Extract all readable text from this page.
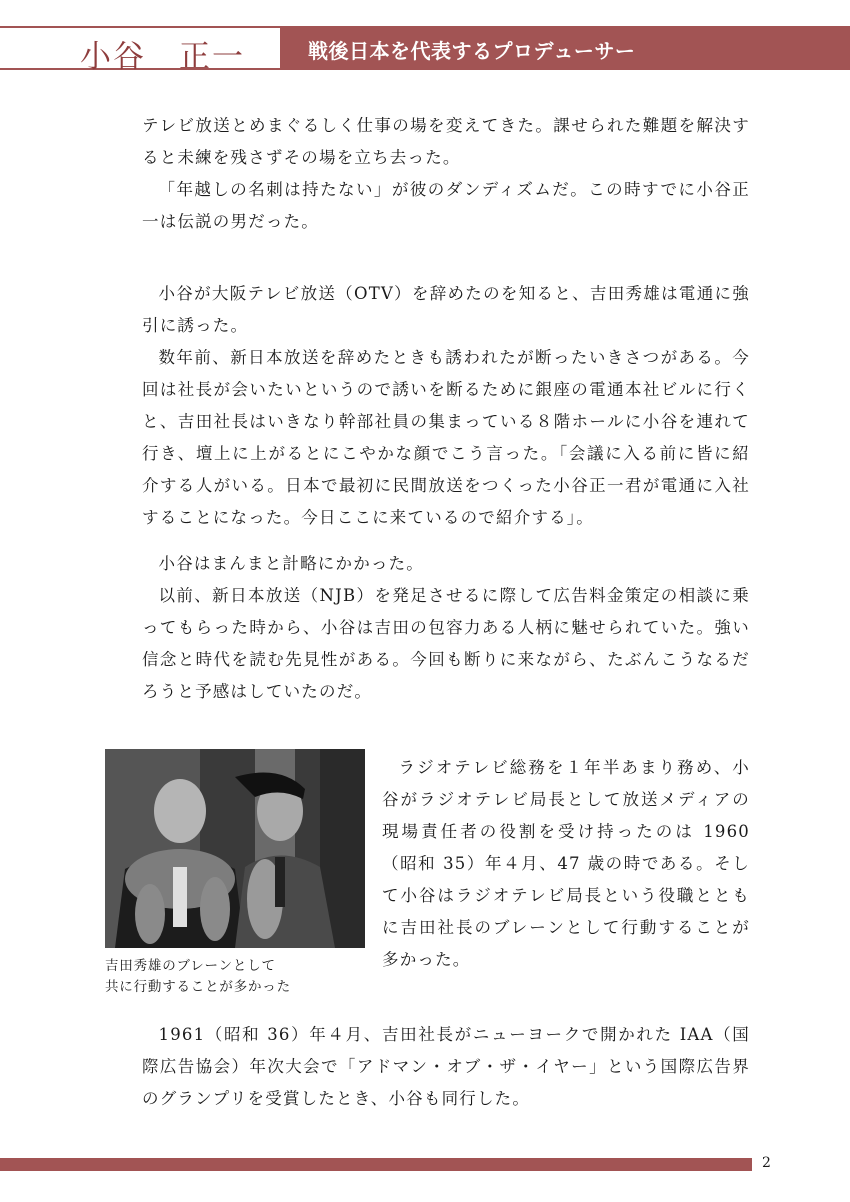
小谷　正一	戦後日本を代表するプロデューサー

テレビ放送とめまぐるしく仕事の場を変えてきた。課せられた難題を解決すると未練を残さずその場を立ち去った。

「年越しの名刺は持たない」が彼のダンディズムだ。この時すでに小谷正一は伝説の男だった。

小谷が大阪テレビ放送（OTV）を辞めたのを知ると、吉田秀雄は電通に強引に誘った。

数年前、新日本放送を辞めたときも誘われたが断ったいきさつがある。今回は社長が会いたいというので誘いを断るために銀座の電通本社ビルに行くと、吉田社長はいきなり幹部社員の集まっている８階ホールに小谷を連れて行き、壇上に上がるとにこやかな顔でこう言った。「会議に入る前に皆に紹介する人がいる。日本で最初に民間放送をつくった小谷正一君が電通に入社することになった。今日ここに来ているので紹介する」。

小谷はまんまと計略にかかった。

以前、新日本放送（NJB）を発足させるに際して広告料金策定の相談に乗ってもらった時から、小谷は吉田の包容力ある人柄に魅せられていた。強い信念と時代を読む先見性がある。今回も断りに来ながら、たぶんこうなるだろうと予感はしていたのだ。

吉田秀雄のブレーンとして
共に行動することが多かった

ラジオテレビ総務を１年半あまり務め、小谷がラジオテレビ局長として放送メディアの現場責任者の役割を受け持ったのは 1960（昭和 35）年４月、47 歳の時である。そして小谷はラジオテレビ局長という役職とともに吉田社長のブレーンとして行動することが多かった。

1961（昭和 36）年４月、吉田社長がニューヨークで開かれた IAA（国際広告協会）年次大会で「アドマン・オブ・ザ・イヤー」という国際広告界のグランプリを受賞したとき、小谷も同行した。

2
